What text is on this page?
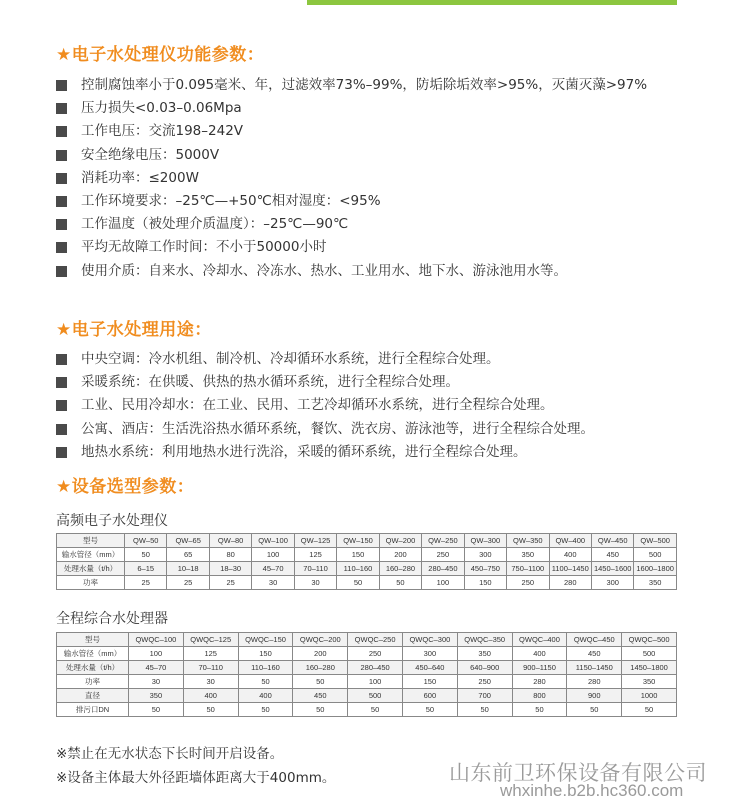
★电子水处理仪功能参数：
控制腐蚀率小于0.095毫米、年，过滤效率73%–99%，防垢除垢效率>95%，灭菌灭藻>97%
压力损失<0.03–0.06Mpa
工作电压：交流198–242V
安全绝缘电压：5000V
消耗功率：≤200W
工作环境要求：–25℃—+50℃相对湿度：<95%
工作温度（被处理介质温度）：–25℃—90℃
平均无故障工作时间：不小于50000小时
使用介质：自来水、冷却水、冷冻水、热水、工业用水、地下水、游泳池用水等。
★电子水处理用途：
中央空调：冷水机组、制冷机、冷却循环水系统，进行全程综合处理。
采暖系统：在供暖、供热的热水循环系统，进行全程综合处理。
工业、民用冷却水：在工业、民用、工艺冷却循环水系统，进行全程综合处理。
公寓、酒店：生活洗浴热水循环系统，餐饮、洗衣房、游泳池等，进行全程综合处理。
地热水系统：利用地热水进行洗浴，采暖的循环系统，进行全程综合处理。
★设备选型参数：
高频电子水处理仪
型号	QW–50	QW–65	QW–80	QW–100	QW–125	QW–150	QW–200	QW–250	QW–300	QW–350	QW–400	QW–450	QW–500
输水管径（mm）	50	65	80	100	125	150	200	250	300	350	400	450	500
处理水量（t/h）	6–15	10–18	18–30	45–70	70–110	110–160	160–280	280–450	450–750	750–1100	1100–1450	1450–1600	1600–1800
功率	25	25	25	30	30	50	50	100	150	250	280	300	350
全程综合水处理器
型号	QWQC–100	QWQC–125	QWQC–150	QWQC–200	QWQC–250	QWQC–300	QWQC–350	QWQC–400	QWQC–450	QWQC–500
输水管径（mm）	100	125	150	200	250	300	350	400	450	500
处理水量（t/h）	45–70	70–110	110–160	160–280	280–450	450–640	640–900	900–1150	1150–1450	1450–1800
功率	30	30	50	50	100	150	250	280	280	350
直径	350	400	400	450	500	600	700	800	900	1000
排污口DN	50	50	50	50	50	50	50	50	50	50
※禁止在无水状态下长时间开启设备。
※设备主体最大外径距墙体距离大于400mm。	山东前卫环保设备有限公司
whxinhe.b2b.hc360.com
